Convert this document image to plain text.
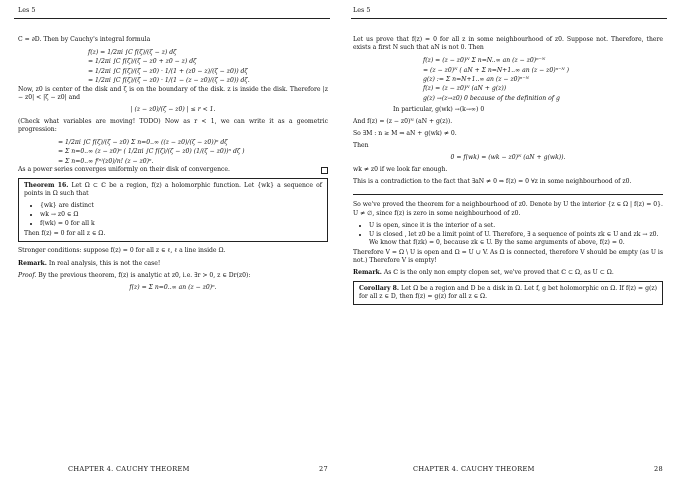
Les 5

C = ∂D. Then by Cauchy's integral formula

f(z) = 1/2πi ∫C f(ζ)/(ζ − z) dζ
= 1/2πi ∫C f(ζ)/(ζ − z0 + z0 − z) dζ
= 1/2πi ∫C f(ζ)/(ζ − z0) · 1/(1 + (z0 − z)/(ζ − z0)) dζ
= 1/2πi ∫C f(ζ)/(ζ − z0) · 1/(1 − (z − z0)/(ζ − z0)) dζ.

Now, z0 is center of the disk and ζ is on the boundary of the disk. z is inside the disk. Therefore |z − z0| < |ζ − z0| and

| (z − z0)/(ζ − z0) | ≤ r < 1.

(Check what variables are moving! TODO) Now as r < 1, we can write it as a geometric progression:

= 1/2πi ∫C f(ζ)/(ζ − z0) Σ n=0..∞ ((z − z0)/(ζ − z0))ⁿ dζ
= Σ n=0..∞ (z − z0)ⁿ ( 1/2πi ∫C f(ζ)/(ζ − z0) (1/(ζ − z0))ⁿ dζ )
= Σ n=0..∞ f⁽ⁿ⁾(z0)/n! (z − z0)ⁿ.

As a power series converges uniformly on their disk of convergence.

Theorem 16. Let Ω ⊂ ℂ be a region, f(z) a holomorphic function. Let {wk} a sequence of points in Ω such that

• {wk} are distinct
• wk → z0 ∈ Ω
• f(wk) = 0 for all k

Then f(z) = 0 for all z ∈ Ω.

Stronger conditions: suppose f(z) = 0 for all z ∈ ℓ, ℓ a line inside Ω.

Remark. In real analysis, this is not the case!

Proof. By the previous theorem, f(z) is analytic at z0, i.e. ∃r > 0, z ∈ Dr(z0):

f(z) = Σ n=0..∞ an (z − z0)ⁿ.
CHAPTER 4. CAUCHY THEOREM	27
Les 5

Let us prove that f(z) = 0 for all z in some neighbourhood of z0. Suppose not. Therefore, there exists a first N such that aN is not 0. Then

f(z) = (z − z0)ᴺ Σ n=N..∞ an (z − z0)ⁿ⁻ᴺ
= (z − z0)ᴺ ( aN + Σ n=N+1..∞ an (z − z0)ⁿ⁻ᴺ )
g(z) := Σ n=N+1..∞ an (z − z0)ⁿ⁻ᴺ
f(z) = (z − z0)ᴺ (aN + g(z))
g(z) →(z→z0) 0 because of the definition of g

In particular, g(wk) →(k→∞) 0

And f(z) = (z − z0)ᴺ (aN + g(z)).

So ∃M : n ≥ M ⇒ aN + g(wk) ≠ 0.

Then

0 = f(wk) = (wk − z0)ᴺ (aN + g(wk)).

wk ≠ z0 if we look far enough.

This is a contradiction to the fact that ∃aN ≠ 0 ⇒ f(z) = 0 ∀z in some neighbourhood of z0.

So we've proved the theorem for a neighbourhood of z0. Denote by U the interior {z ∈ Ω | f(z) = 0}. U ≠ ∅, since f(z) is zero in some neighbourhood of z0.

• U is open, since it is the interior of a set.
• U is closed , let z0 be a limit point of U. Therefore, ∃ a sequence of points zk ∈ U and zk → z0. We know that f(zk) = 0, because zk ∈ U. By the same arguments of above, f(z) = 0.

Therefore V = Ω \ U is open and Ω = U ∪ V. As Ω is connected, therefore V should be empty (as U is not.) Therefore V is empty!

Remark. As ℂ is the only non empty clopen set, we've proved that ℂ ⊂ Ω, as U ⊂ Ω.

Corollary 8. Let Ω be a region and D be a disk in Ω. Let f, g bet holomorphic on Ω. If f(z) = g(z) for all z ∈ D, then f(z) = g(z) for all z ∈ Ω.

CHAPTER 4. CAUCHY THEOREM	28
